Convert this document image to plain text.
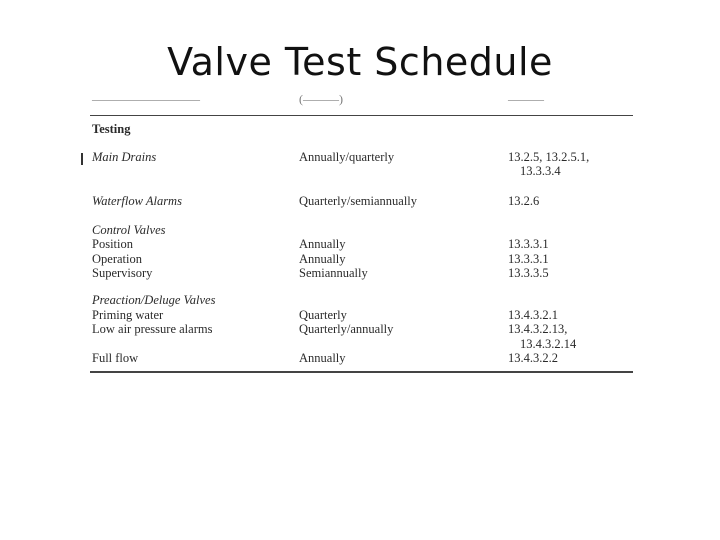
Valve Test Schedule
—————————	(———)	———
Testing
Main Drains	Annually/quarterly	13.2.5, 13.2.5.1,
13.3.3.4
Waterflow Alarms	Quarterly/semiannually	13.2.6
Control Valves
Position	Annually	13.3.3.1
Operation	Annually	13.3.3.1
Supervisory	Semiannually	13.3.3.5
Preaction/Deluge Valves
Priming water	Quarterly	13.4.3.2.1
Low air pressure alarms	Quarterly/annually	13.4.3.2.13,
13.4.3.2.14
Full flow	Annually	13.4.3.2.2
